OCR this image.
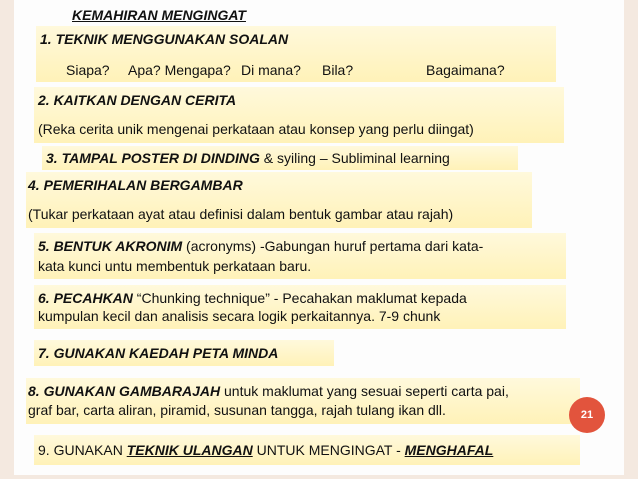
KEMAHIRAN MENGINGAT
1. TEKNIK MENGGUNAKAN SOALAN
Siapa? Apa? Mengapa? Di mana? Bila?	Bagaimana?
2. KAITKAN DENGAN CERITA
(Reka cerita unik mengenai perkataan atau konsep yang perlu diingat)
3. TAMPAL POSTER DI DINDING & syiling – Subliminal learning
4. PEMERIHALAN BERGAMBAR
(Tukar perkataan ayat atau definisi dalam bentuk gambar atau rajah)
5. BENTUK AKRONIM (acronyms) -Gabungan huruf pertama dari kata-
kata kunci untu membentuk perkataan baru.
6. PECAHKAN “Chunking technique” - Pecahakan maklumat kepada
kumpulan kecil dan analisis secara logik perkaitannya. 7-9 chunk
7. GUNAKAN KAEDAH PETA MINDA
8. GUNAKAN GAMBARAJAH untuk maklumat yang sesuai seperti carta pai,
graf bar, carta aliran, piramid, susunan tangga, rajah tulang ikan dll.
9. GUNAKAN TEKNIK ULANGAN UNTUK MENGINGAT - MENGHAFAL
21
